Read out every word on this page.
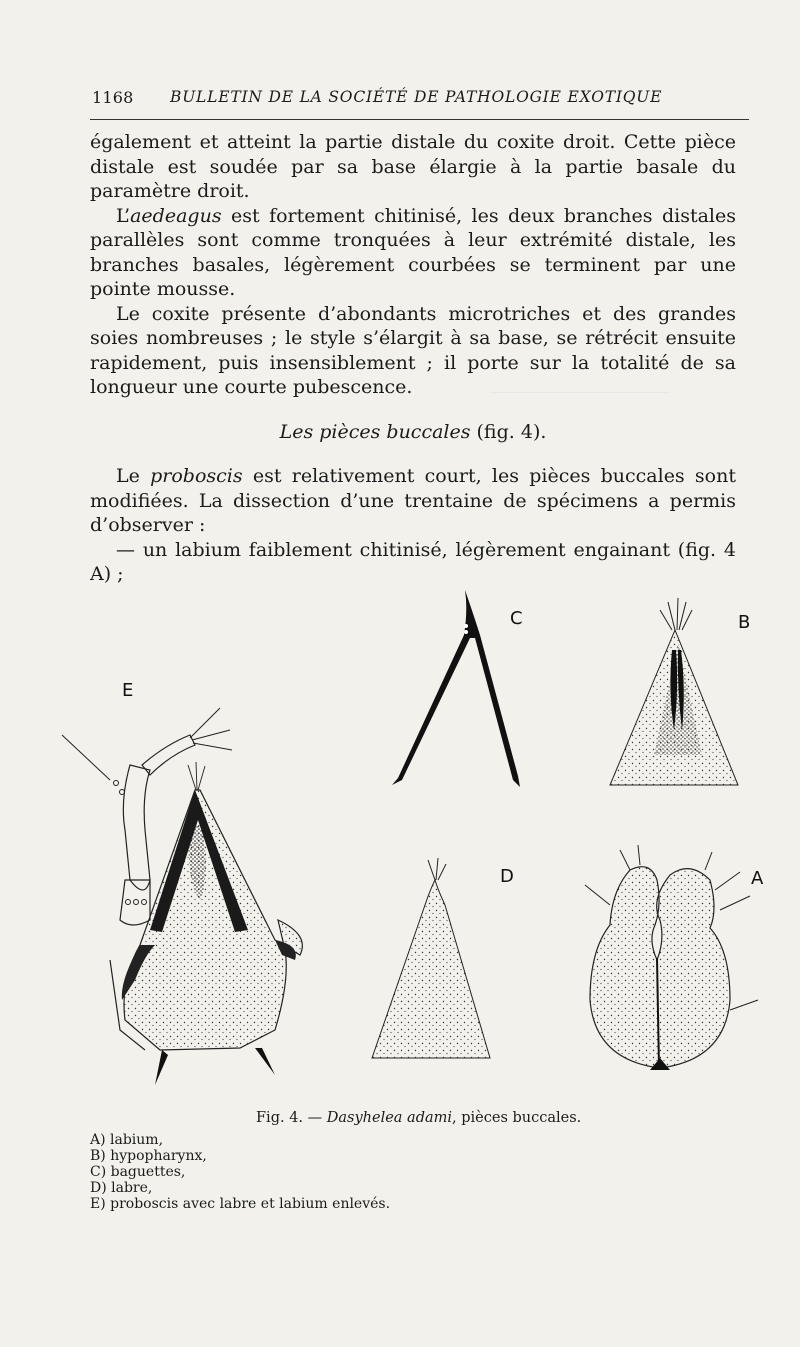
1168 BULLETIN DE LA SOCIÉTÉ DE PATHOLOGIE EXOTIQUE

également et atteint la partie distale du coxite droit. Cette pièce distale est soudée par sa base élargie à la partie basale du paramètre droit.

L’aedeagus est fortement chitinisé, les deux branches distales parallèles sont comme tronquées à leur extrémité distale, les branches basales, légèrement courbées se terminent par une pointe mousse.

Le coxite présente d’abondants microtriches et des grandes soies nombreuses ; le style s’élargit à sa base, se rétrécit ensuite rapidement, puis insensiblement ; il porte sur la totalité de sa longueur une courte pubescence.

Les pièces buccales (fig. 4).

Le proboscis est relativement court, les pièces buccales sont modifiées. La dissection d’une trentaine de spécimens a permis d’observer :

— un labium faiblement chitinisé, légèrement engainant (fig. 4 A) ;

C	B
E
D	A
Fig. 4. — Dasyhelea adami, pièces buccales.
A) labium,
B) hypopharynx,
C) baguettes,
D) labre,
E) proboscis avec labre et labium enlevés.
